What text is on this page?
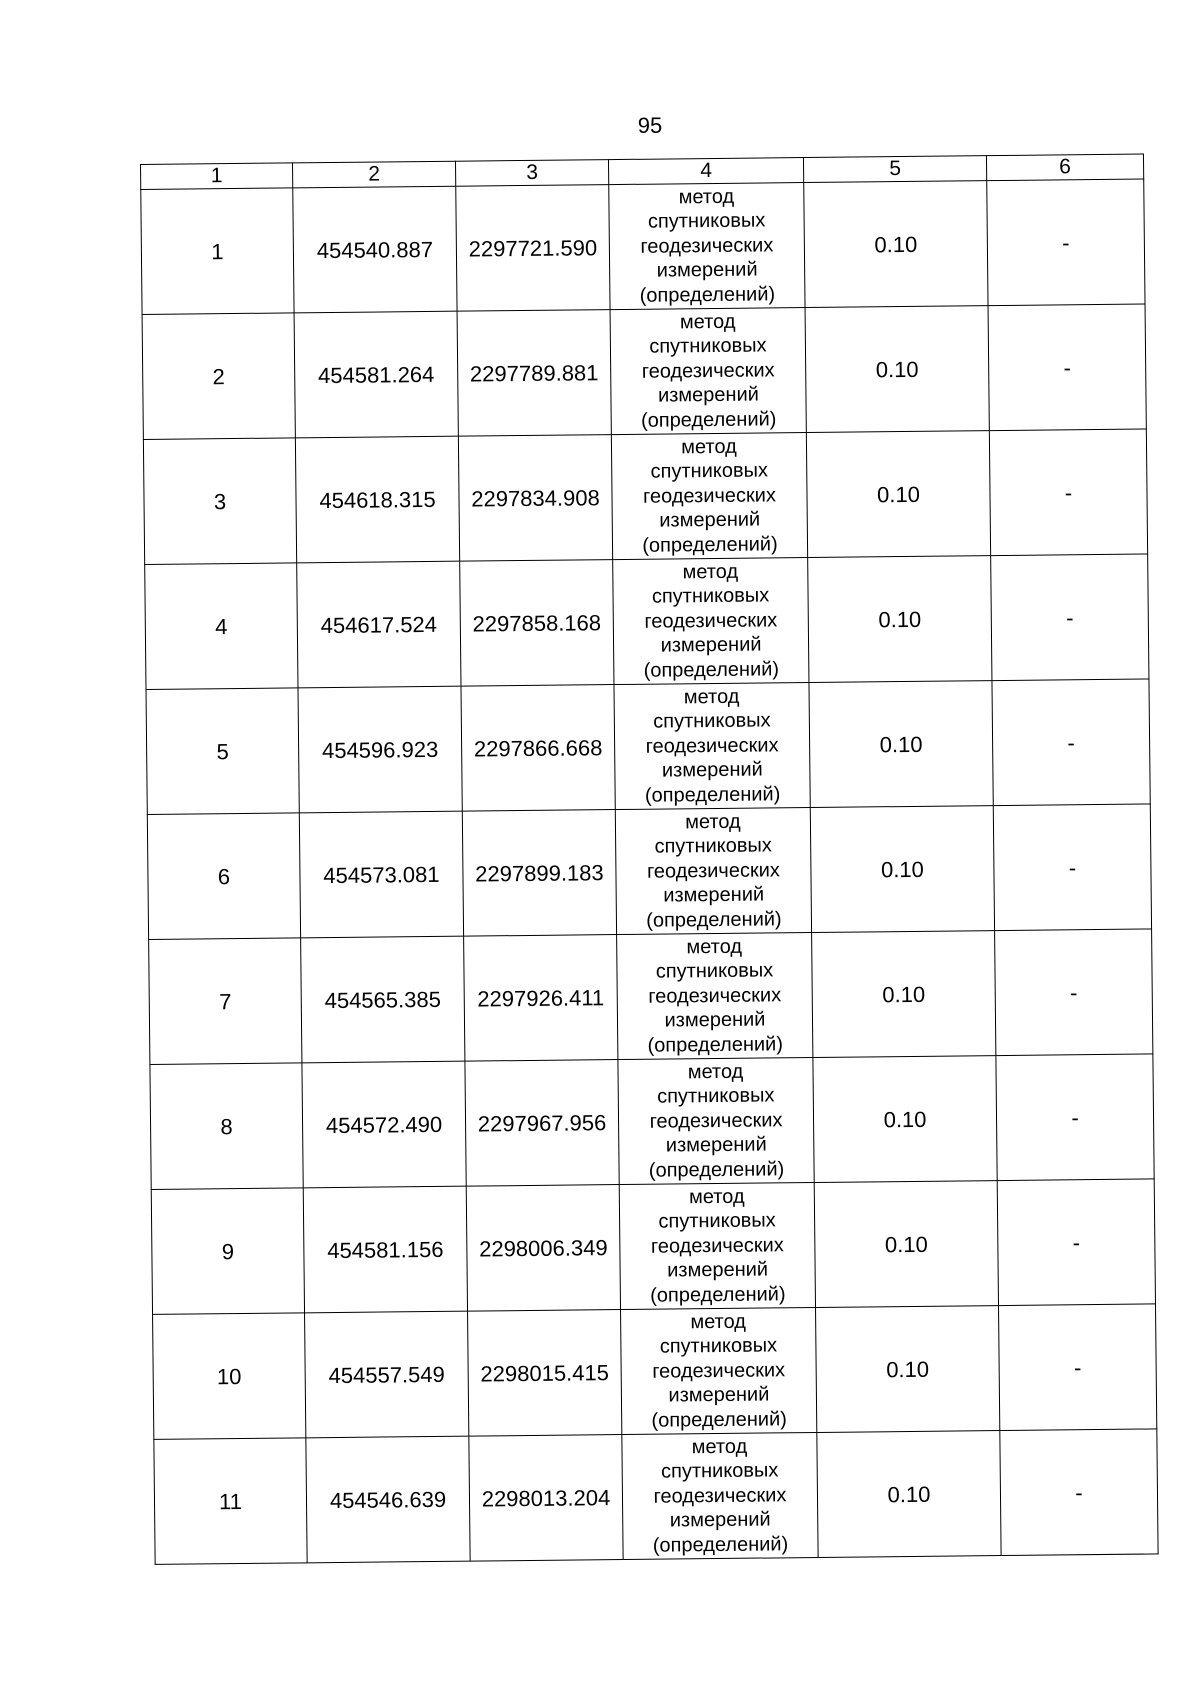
95
1	2	3	4	5	6
1	454540.887	2297721.590	метод
спутниковых
геодезических
измерений
(определений)	0.10	-
2	454581.264	2297789.881	метод
спутниковых
геодезических
измерений
(определений)	0.10	-
3	454618.315	2297834.908	метод
спутниковых
геодезических
измерений
(определений)	0.10	-
4	454617.524	2297858.168	метод
спутниковых
геодезических
измерений
(определений)	0.10	-
5	454596.923	2297866.668	метод
спутниковых
геодезических
измерений
(определений)	0.10	-
6	454573.081	2297899.183	метод
спутниковых
геодезических
измерений
(определений)	0.10	-
7	454565.385	2297926.411	метод
спутниковых
геодезических
измерений
(определений)	0.10	-
8	454572.490	2297967.956	метод
спутниковых
геодезических
измерений
(определений)	0.10	-
9	454581.156	2298006.349	метод
спутниковых
геодезических
измерений
(определений)	0.10	-
10	454557.549	2298015.415	метод
спутниковых
геодезических
измерений
(определений)	0.10	-
11	454546.639	2298013.204	метод
спутниковых
геодезических
измерений
(определений)	0.10	-
